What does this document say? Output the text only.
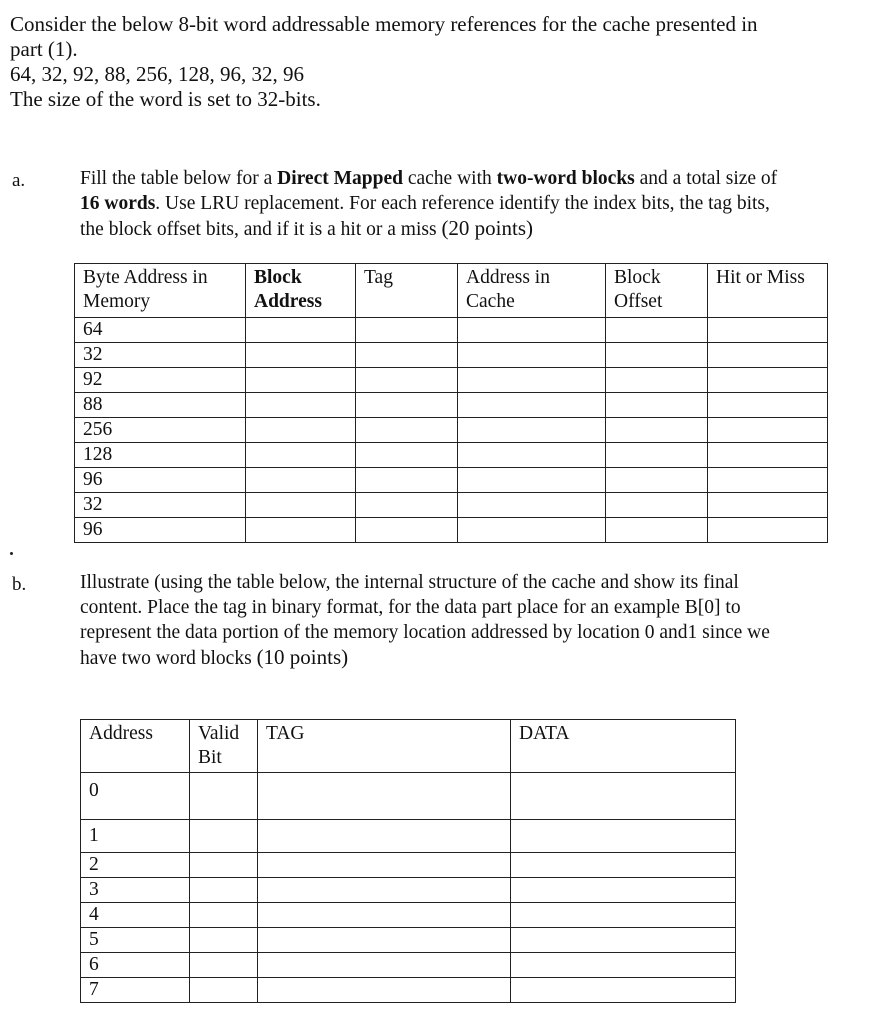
Consider the below 8-bit word addressable memory references for the cache presented in

part (1).

64, 32, 92, 88, 256, 128, 96, 32, 96

The size of the word is set to 32-bits.

a.	Fill the table below for a Direct Mapped cache with two-word blocks and a total size of

16 words. Use LRU replacement. For each reference identify the index bits, the tag bits,

the block offset bits, and if it is a hit or a miss (20 points)

Byte Address in Memory	Block Address	Tag	Address in Cache	Block Offset	Hit or Miss
64					
32					
92					
88					
256					
128					
96					
32					
96					
b.	Illustrate (using the table below, the internal structure of the cache and show its final

content. Place the tag in binary format, for the data part place for an example B[0] to

represent the data portion of the memory location addressed by location 0 and1 since we

have two word blocks (10 points)

Address	Valid Bit	TAG	DATA
0			
1			
2			
3			
4			
5			
6			
7			
